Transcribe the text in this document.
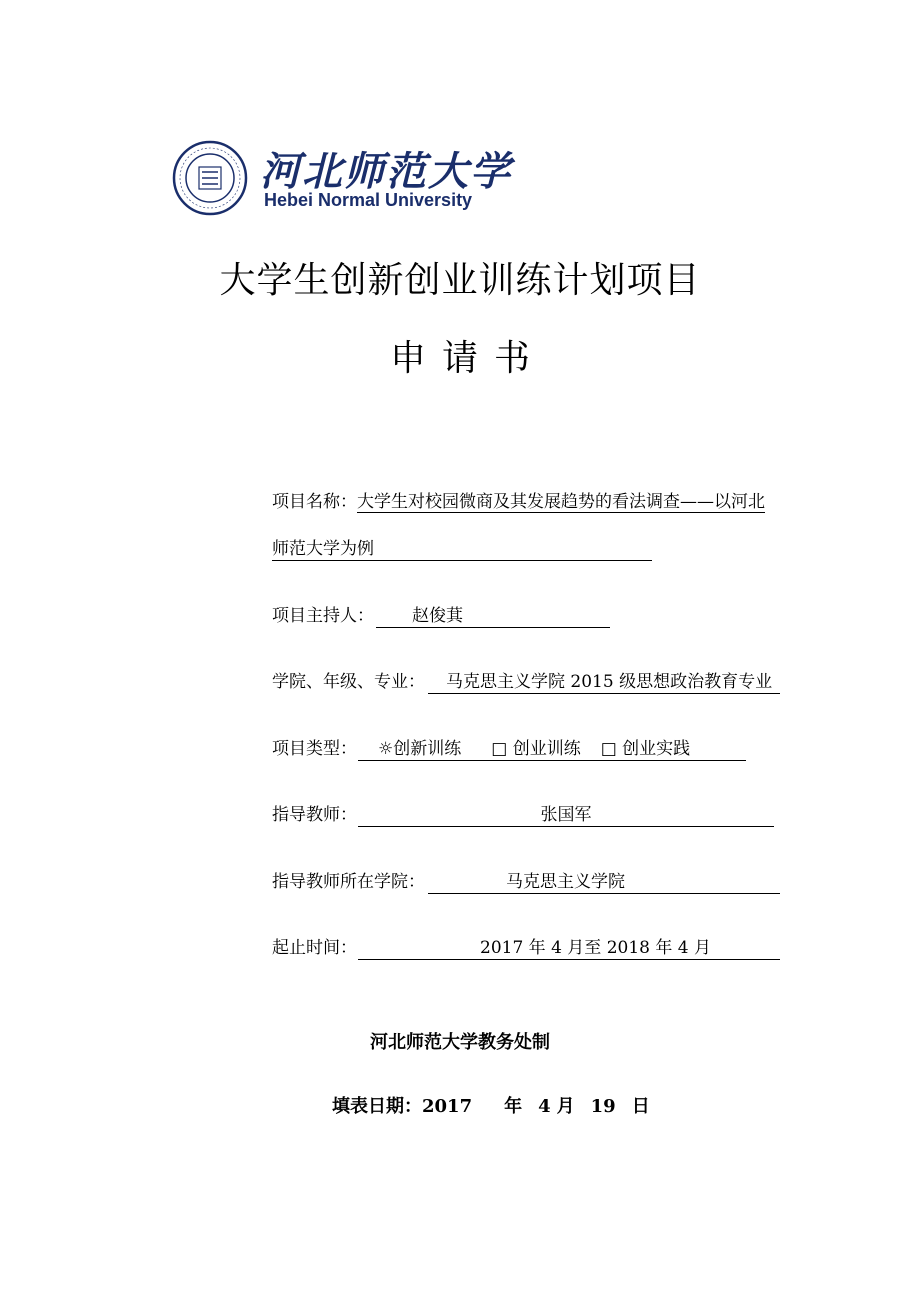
河北师范大学
Hebei Normal University
大学生创新创业训练计划项目
申请书
项目名称：大学生对校园微商及其发展趋势的看法调查——以河北
师范大学为例
项目主持人：	赵俊萁
学院、年级、专业：	马克思主义学院 2015 级思想政治教育专业
项目类型：	☼创新训练 □ 创业训练 □ 创业实践
指导教师：	张国军
指导教师所在学院：	马克思主义学院
起止时间：	2017 年 4 月至 2018 年 4 月
河北师范大学教务处制
填表日期：2017 年 4 月 19 日
